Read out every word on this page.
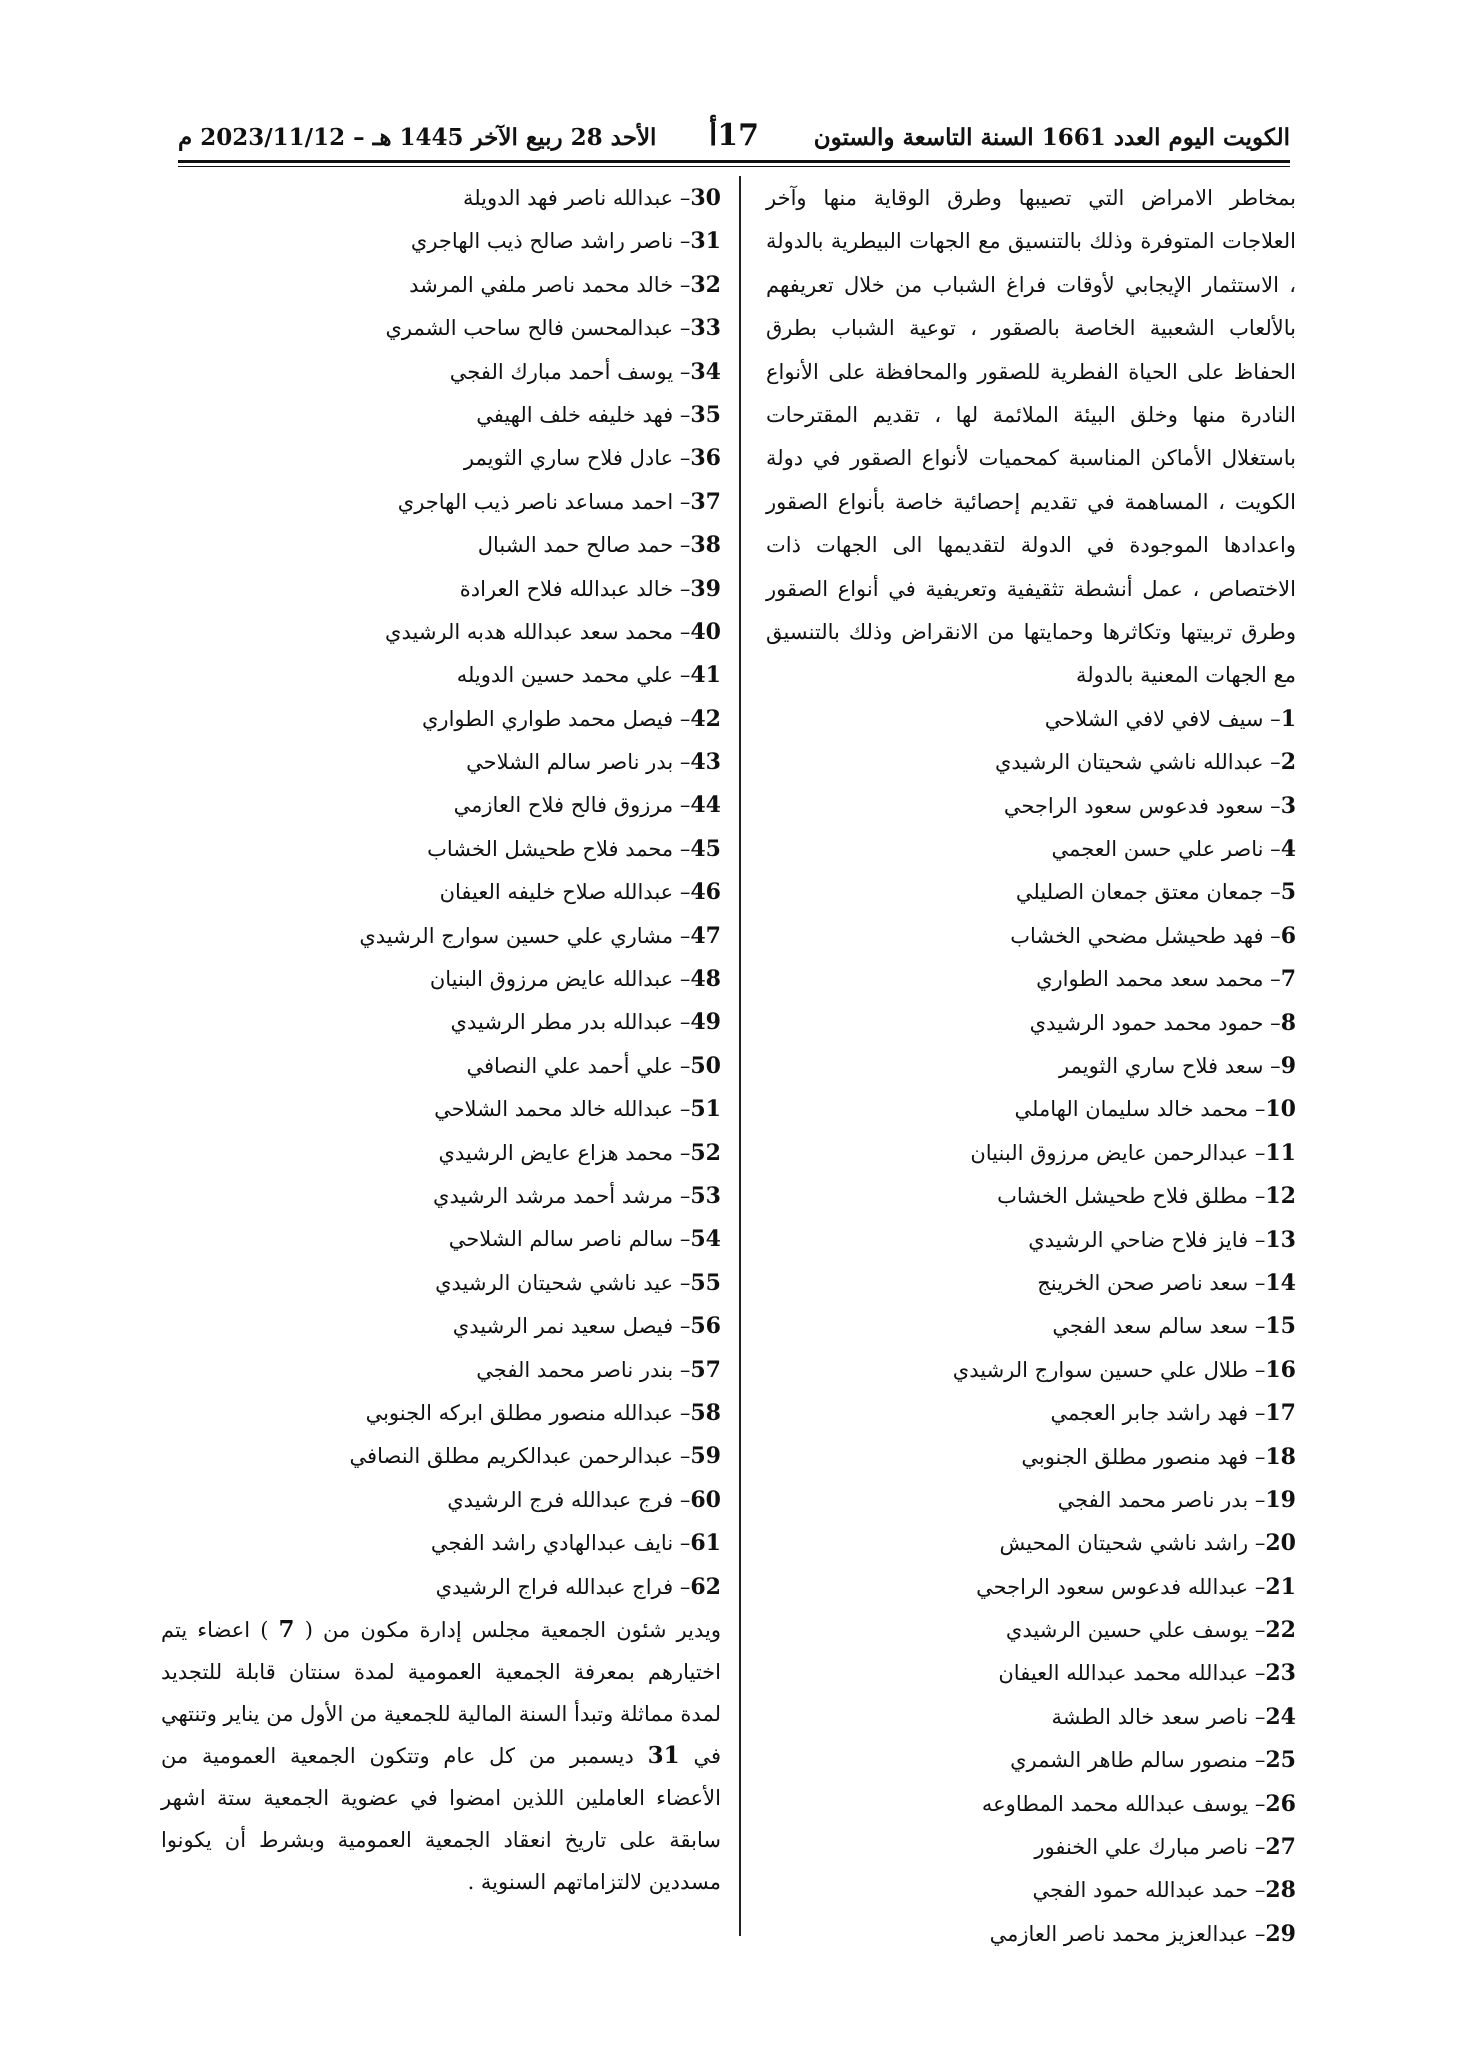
الكويت اليوم العدد 1661 السنة التاسعة والستون
17أ
الأحد 28 ربيع الآخر 1445 هـ – 2023/11/12 م
بمخاطر الامراض التي تصيبها وطرق الوقاية منها وآخر العلاجات المتوفرة وذلك بالتنسيق مع الجهات البيطرية بالدولة ، الاستثمار الإيجابي لأوقات فراغ الشباب من خلال تعريفهم بالألعاب الشعبية الخاصة بالصقور ، توعية الشباب بطرق الحفاظ على الحياة الفطرية للصقور والمحافظة على الأنواع النادرة منها وخلق البيئة الملائمة لها ، تقديم المقترحات باستغلال الأماكن المناسبة كمحميات لأنواع الصقور في دولة الكويت ، المساهمة في تقديم إحصائية خاصة بأنواع الصقور واعدادها الموجودة في الدولة لتقديمها الى الجهات ذات الاختصاص ، عمل أنشطة تثقيفية وتعريفية في أنواع الصقور وطرق تربيتها وتكاثرها وحمايتها من الانقراض وذلك بالتنسيق مع الجهات المعنية بالدولة
1– سيف لافي لافي الشلاحي
2– عبدالله ناشي شحيتان الرشيدي
3– سعود فدعوس سعود الراجحي
4– ناصر علي حسن العجمي
5– جمعان معتق جمعان الصليلي
6– فهد طحيشل مضحي الخشاب
7– محمد سعد محمد الطواري
8– حمود محمد حمود الرشيدي
9– سعد فلاح ساري الثويمر
10– محمد خالد سليمان الهاملي
11– عبدالرحمن عايض مرزوق البنيان
12– مطلق فلاح طحيشل الخشاب
13– فايز فلاح ضاحي الرشيدي
14– سعد ناصر صحن الخرينج
15– سعد سالم سعد الفجي
16– طلال علي حسين سوارج الرشيدي
17– فهد راشد جابر العجمي
18– فهد منصور مطلق الجنوبي
19– بدر ناصر محمد الفجي
20– راشد ناشي شحيتان المحيش
21– عبدالله فدعوس سعود الراجحي
22– يوسف علي حسين الرشيدي
23– عبدالله محمد عبدالله العيفان
24– ناصر سعد خالد الطشة
25– منصور سالم طاهر الشمري
26– يوسف عبدالله محمد المطاوعه
27– ناصر مبارك علي الخنفور
28– حمد عبدالله حمود الفجي
29– عبدالعزيز محمد ناصر العازمي
30– عبدالله ناصر فهد الدويلة
31– ناصر راشد صالح ذيب الهاجري
32– خالد محمد ناصر ملفي المرشد
33– عبدالمحسن فالح ساحب الشمري
34– يوسف أحمد مبارك الفجي
35– فهد خليفه خلف الهيفي
36– عادل فلاح ساري الثويمر
37– احمد مساعد ناصر ذيب الهاجري
38– حمد صالح حمد الشبال
39– خالد عبدالله فلاح العرادة
40– محمد سعد عبدالله هدبه الرشيدي
41– علي محمد حسين الدويله
42– فيصل محمد طواري الطواري
43– بدر ناصر سالم الشلاحي
44– مرزوق فالح فلاح العازمي
45– محمد فلاح طحيشل الخشاب
46– عبدالله صلاح خليفه العيفان
47– مشاري علي حسين سوارج الرشيدي
48– عبدالله عايض مرزوق البنيان
49– عبدالله بدر مطر الرشيدي
50– علي أحمد علي النصافي
51– عبدالله خالد محمد الشلاحي
52– محمد هزاع عايض الرشيدي
53– مرشد أحمد مرشد الرشيدي
54– سالم ناصر سالم الشلاحي
55– عيد ناشي شحيتان الرشيدي
56– فيصل سعيد نمر الرشيدي
57– بندر ناصر محمد الفجي
58– عبدالله منصور مطلق ابركه الجنوبي
59– عبدالرحمن عبدالكريم مطلق النصافي
60– فرج عبدالله فرج الرشيدي
61– نايف عبدالهادي راشد الفجي
62– فراج عبدالله فراج الرشيدي
ويدير شئون الجمعية مجلس إدارة مكون من ( 7 ) اعضاء يتم اختيارهم بمعرفة الجمعية العمومية لمدة سنتان قابلة للتجديد لمدة مماثلة وتبدأ السنة المالية للجمعية من الأول من يناير وتنتهي في 31 ديسمبر من كل عام وتتكون الجمعية العمومية من الأعضاء العاملين اللذين امضوا في عضوية الجمعية ستة اشهر سابقة على تاريخ انعقاد الجمعية العمومية وبشرط أن يكونوا مسددين لالتزاماتهم السنوية .
